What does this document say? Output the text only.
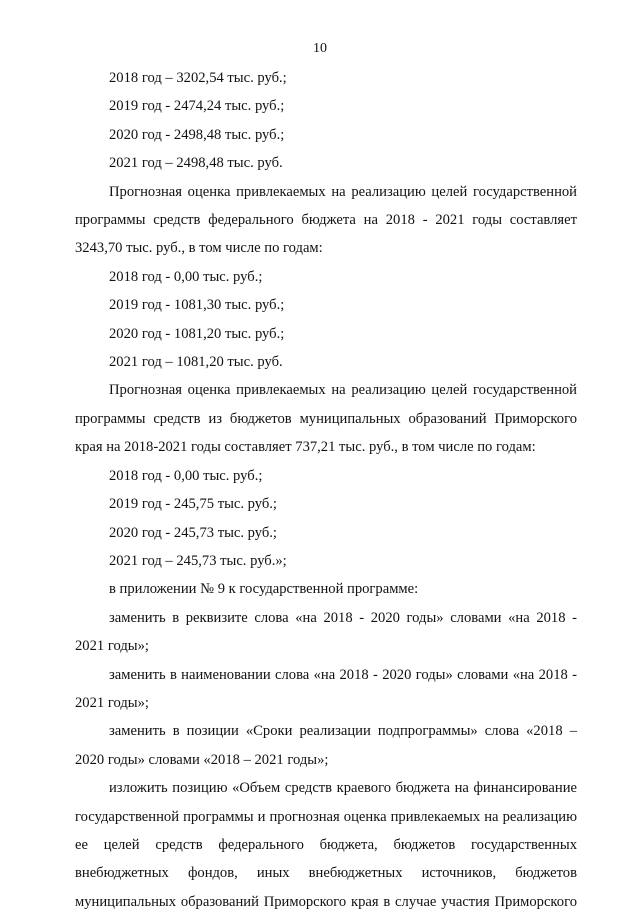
10
2018 год – 3202,54 тыс. руб.;
2019 год - 2474,24 тыс. руб.;
2020 год - 2498,48 тыс. руб.;
2021 год – 2498,48 тыс. руб.
Прогнозная оценка привлекаемых на реализацию целей государственной
программы средств федерального бюджета на 2018 - 2021 годы составляет
3243,70 тыс. руб., в том числе по годам:
2018 год - 0,00 тыс. руб.;
2019 год - 1081,30 тыс. руб.;
2020 год - 1081,20 тыс. руб.;
2021 год – 1081,20 тыс. руб.
Прогнозная оценка привлекаемых на реализацию целей государственной
программы средств из бюджетов муниципальных образований Приморского
края на 2018-2021 годы составляет 737,21 тыс. руб., в том числе по годам:
2018 год - 0,00 тыс. руб.;
2019 год - 245,75 тыс. руб.;
2020 год - 245,73 тыс. руб.;
2021 год – 245,73 тыс. руб.»;
в приложении № 9 к государственной программе:
заменить в реквизите слова «на 2018 - 2020 годы» словами «на 2018 -
2021 годы»;
заменить в наименовании слова «на 2018 - 2020 годы» словами «на 2018 -
2021 годы»;
заменить в позиции «Сроки реализации подпрограммы» слова «2018 –
2020 годы» словами «2018 – 2021 годы»;
изложить позицию «Объем средств краевого бюджета на финансирование
государственной программы и прогнозная оценка привлекаемых на реализацию
ее целей средств федерального бюджета, бюджетов государственных
внебюджетных фондов, иных внебюджетных источников, бюджетов
муниципальных образований Приморского края в случае участия Приморского
